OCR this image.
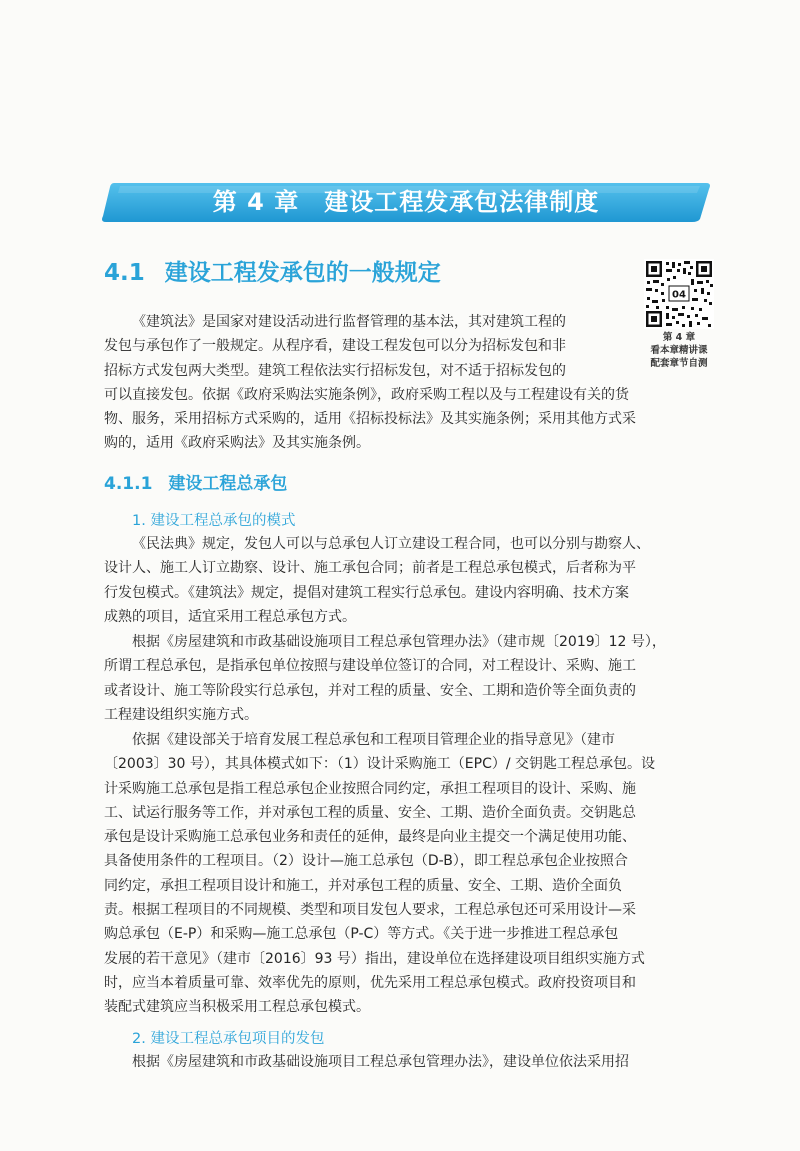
第 4 章　建设工程发承包法律制度
4.1 建设工程发承包的一般规定
04
第 4 章
看本章精讲课
配套章节自测
《建筑法》是国家对建设活动进行监督管理的基本法，其对建筑工程的
发包与承包作了一般规定。从程序看，建设工程发包可以分为招标发包和非
招标方式发包两大类型。建筑工程依法实行招标发包，对不适于招标发包的
可以直接发包。依据《政府采购法实施条例》，政府采购工程以及与工程建设有关的货
物、服务，采用招标方式采购的，适用《招标投标法》及其实施条例；采用其他方式采
购的，适用《政府采购法》及其实施条例。
4.1.1 建设工程总承包
1. 建设工程总承包的模式
《民法典》规定，发包人可以与总承包人订立建设工程合同，也可以分别与勘察人、
设计人、施工人订立勘察、设计、施工承包合同；前者是工程总承包模式，后者称为平
行发包模式。《建筑法》规定，提倡对建筑工程实行总承包。建设内容明确、技术方案
成熟的项目，适宜采用工程总承包方式。
根据《房屋建筑和市政基础设施项目工程总承包管理办法》（建市规〔2019〕12 号），
所谓工程总承包，是指承包单位按照与建设单位签订的合同，对工程设计、采购、施工
或者设计、施工等阶段实行总承包，并对工程的质量、安全、工期和造价等全面负责的
工程建设组织实施方式。
依据《建设部关于培育发展工程总承包和工程项目管理企业的指导意见》（建市
〔2003〕30 号），其具体模式如下：（1）设计采购施工（EPC）/ 交钥匙工程总承包。设
计采购施工总承包是指工程总承包企业按照合同约定，承担工程项目的设计、采购、施
工、试运行服务等工作，并对承包工程的质量、安全、工期、造价全面负责。交钥匙总
承包是设计采购施工总承包业务和责任的延伸，最终是向业主提交一个满足使用功能、
具备使用条件的工程项目。（2）设计—施工总承包（D-B），即工程总承包企业按照合
同约定，承担工程项目设计和施工，并对承包工程的质量、安全、工期、造价全面负
责。根据工程项目的不同规模、类型和项目发包人要求，工程总承包还可采用设计—采
购总承包（E-P）和采购—施工总承包（P-C）等方式。《关于进一步推进工程总承包
发展的若干意见》（建市〔2016〕93 号）指出，建设单位在选择建设项目组织实施方式
时，应当本着质量可靠、效率优先的原则，优先采用工程总承包模式。政府投资项目和
装配式建筑应当积极采用工程总承包模式。
2. 建设工程总承包项目的发包
根据《房屋建筑和市政基础设施项目工程总承包管理办法》，建设单位依法采用招
